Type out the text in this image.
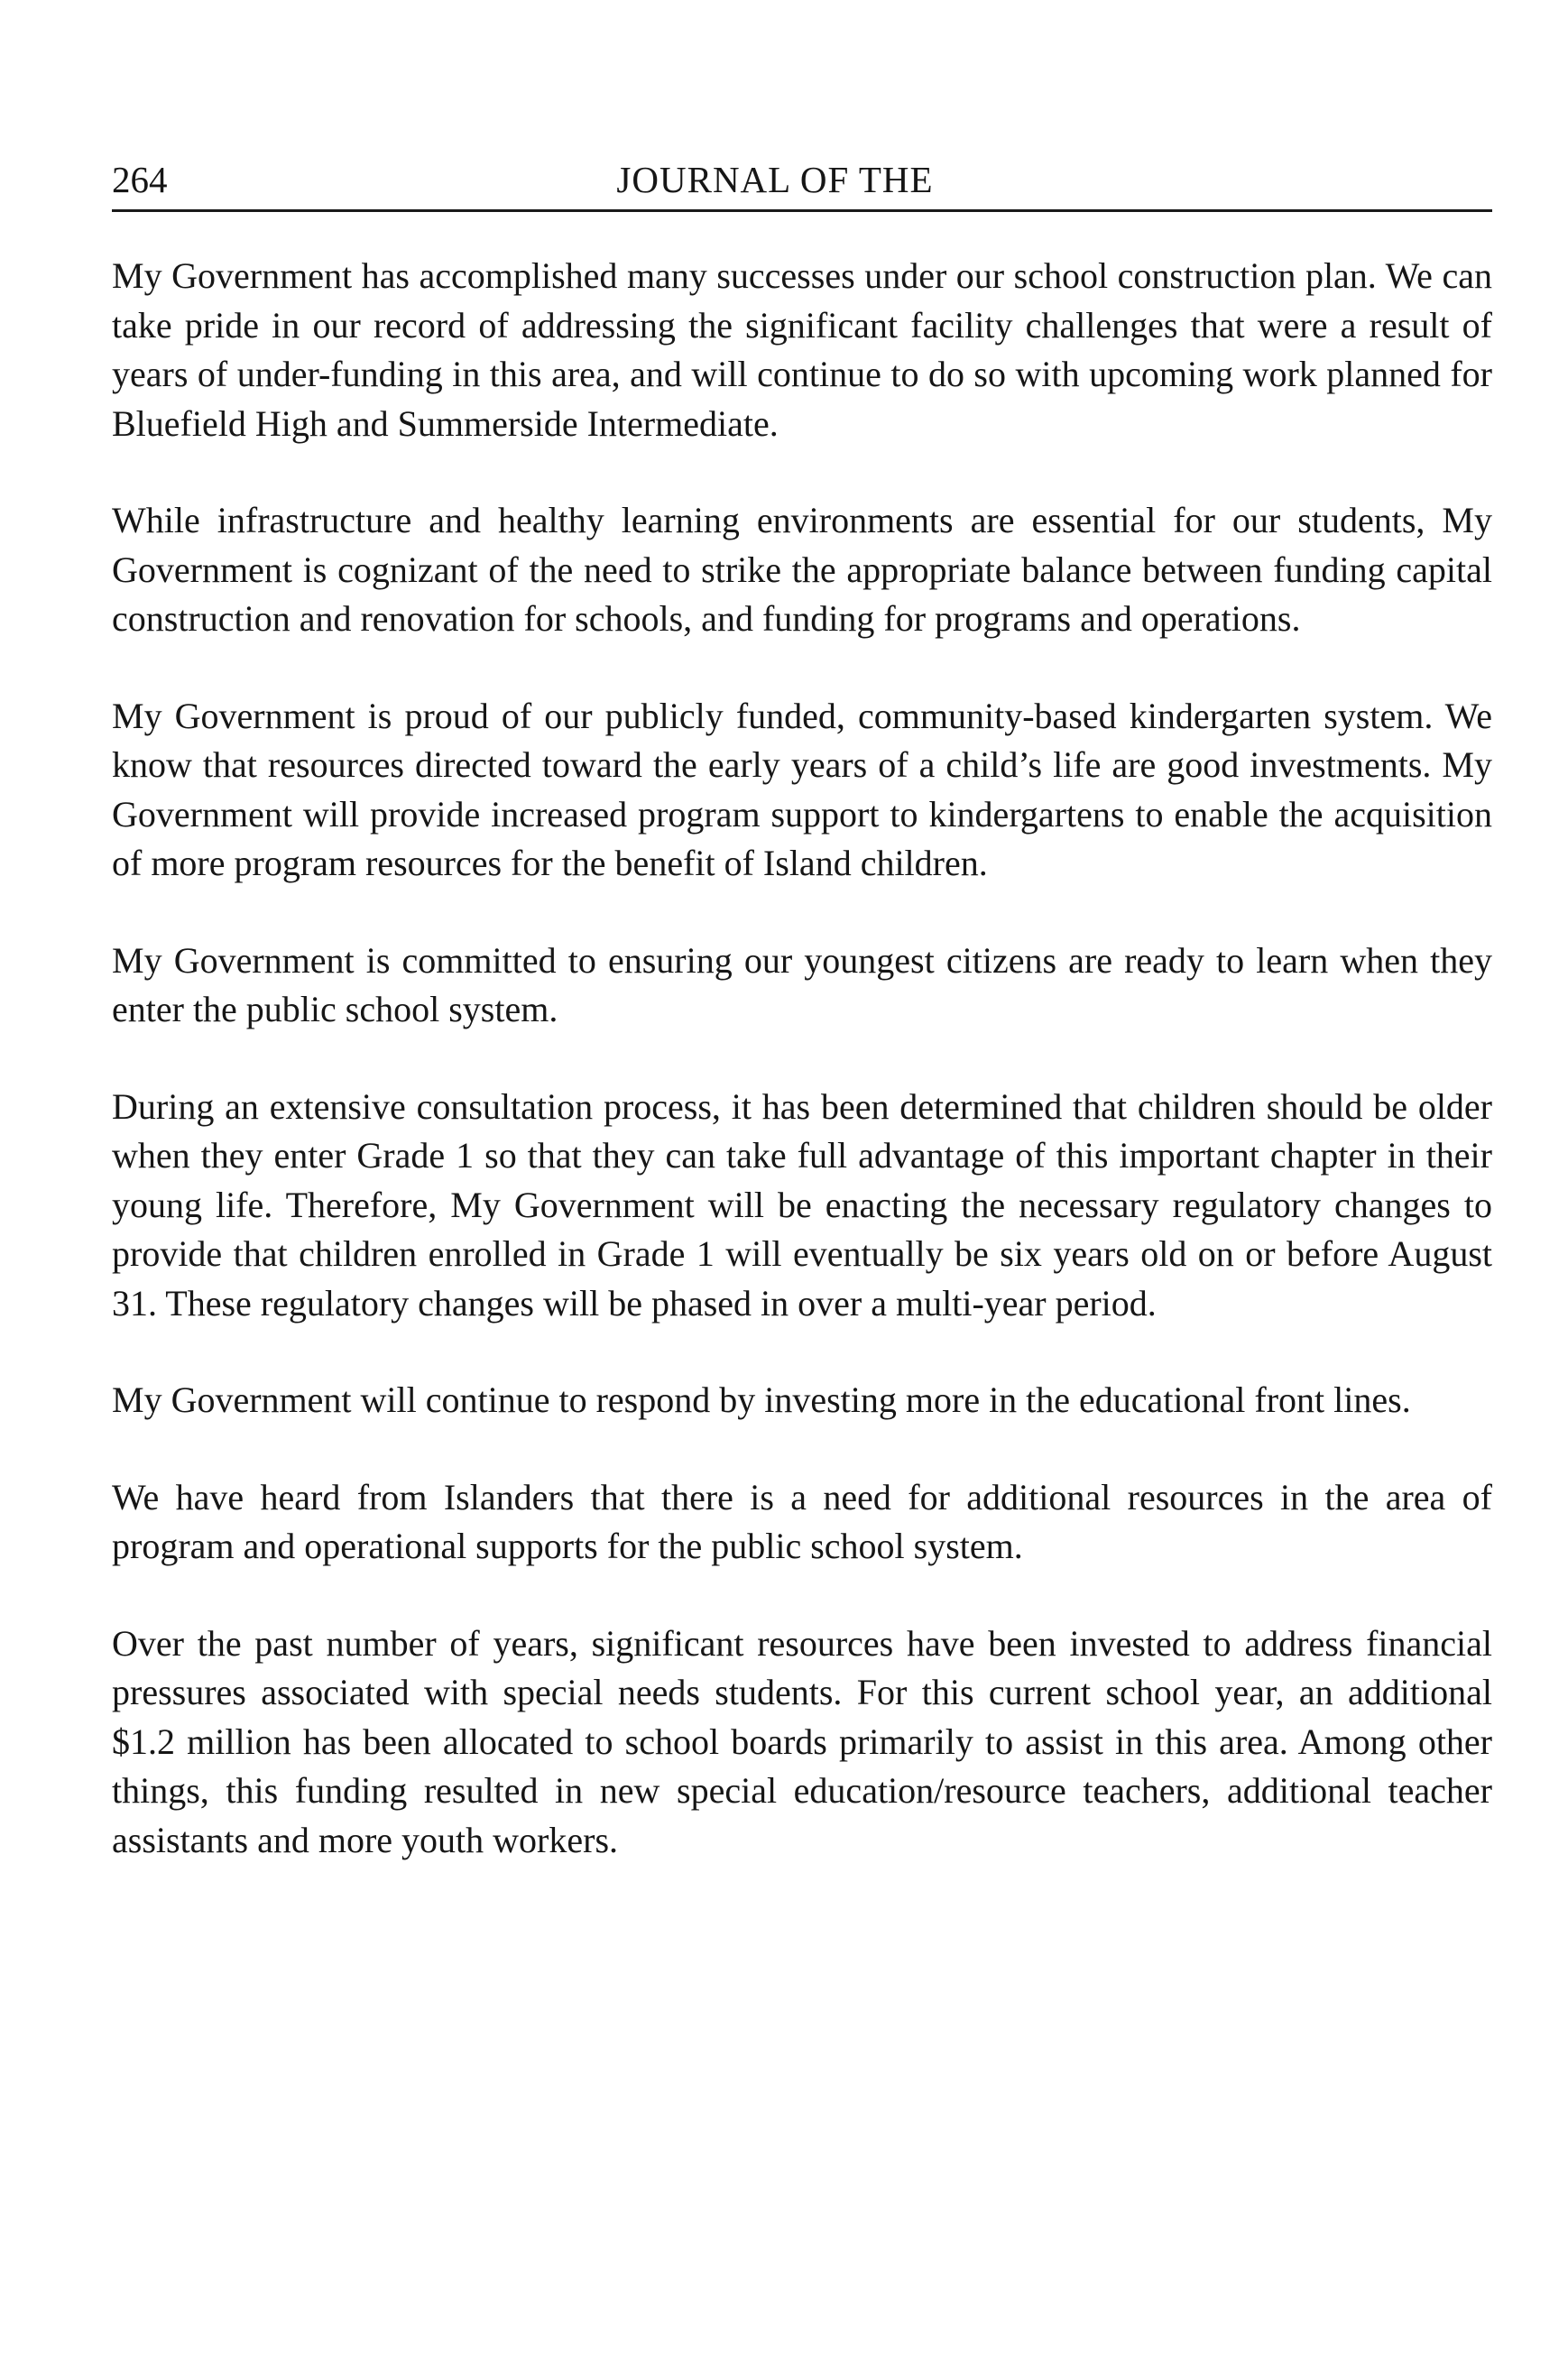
264	JOURNAL OF THE

My Government has accomplished many successes under our school construction plan. We can take pride in our record of addressing the significant facility challenges that were a result of years of under-funding in this area, and will continue to do so with upcoming work planned for Bluefield High and Summerside Intermediate.

While infrastructure and healthy learning environments are essential for our students, My Government is cognizant of the need to strike the appropriate balance between funding capital construction and renovation for schools, and funding for programs and operations.

My Government is proud of our publicly funded, community-based kindergarten system. We know that resources directed toward the early years of a child’s life are good investments. My Government will provide increased program support to kindergartens to enable the acquisition of more program resources for the benefit of Island children.

My Government is committed to ensuring our youngest citizens are ready to learn when they enter the public school system.

During an extensive consultation process, it has been determined that children should be older when they enter Grade 1 so that they can take full advantage of this important chapter in their young life. Therefore, My Government will be enacting the necessary regulatory changes to provide that children enrolled in Grade 1 will eventually be six years old on or before August 31. These regulatory changes will be phased in over a multi-year period.

My Government will continue to respond by investing more in the educational front lines.

We have heard from Islanders that there is a need for additional resources in the area of program and operational supports for the public school system.

Over the past number of years, significant resources have been invested to address financial pressures associated with special needs students. For this current school year, an additional $1.2 million has been allocated to school boards primarily to assist in this area. Among other things, this funding resulted in new special education/resource teachers, additional teacher assistants and more youth workers.
